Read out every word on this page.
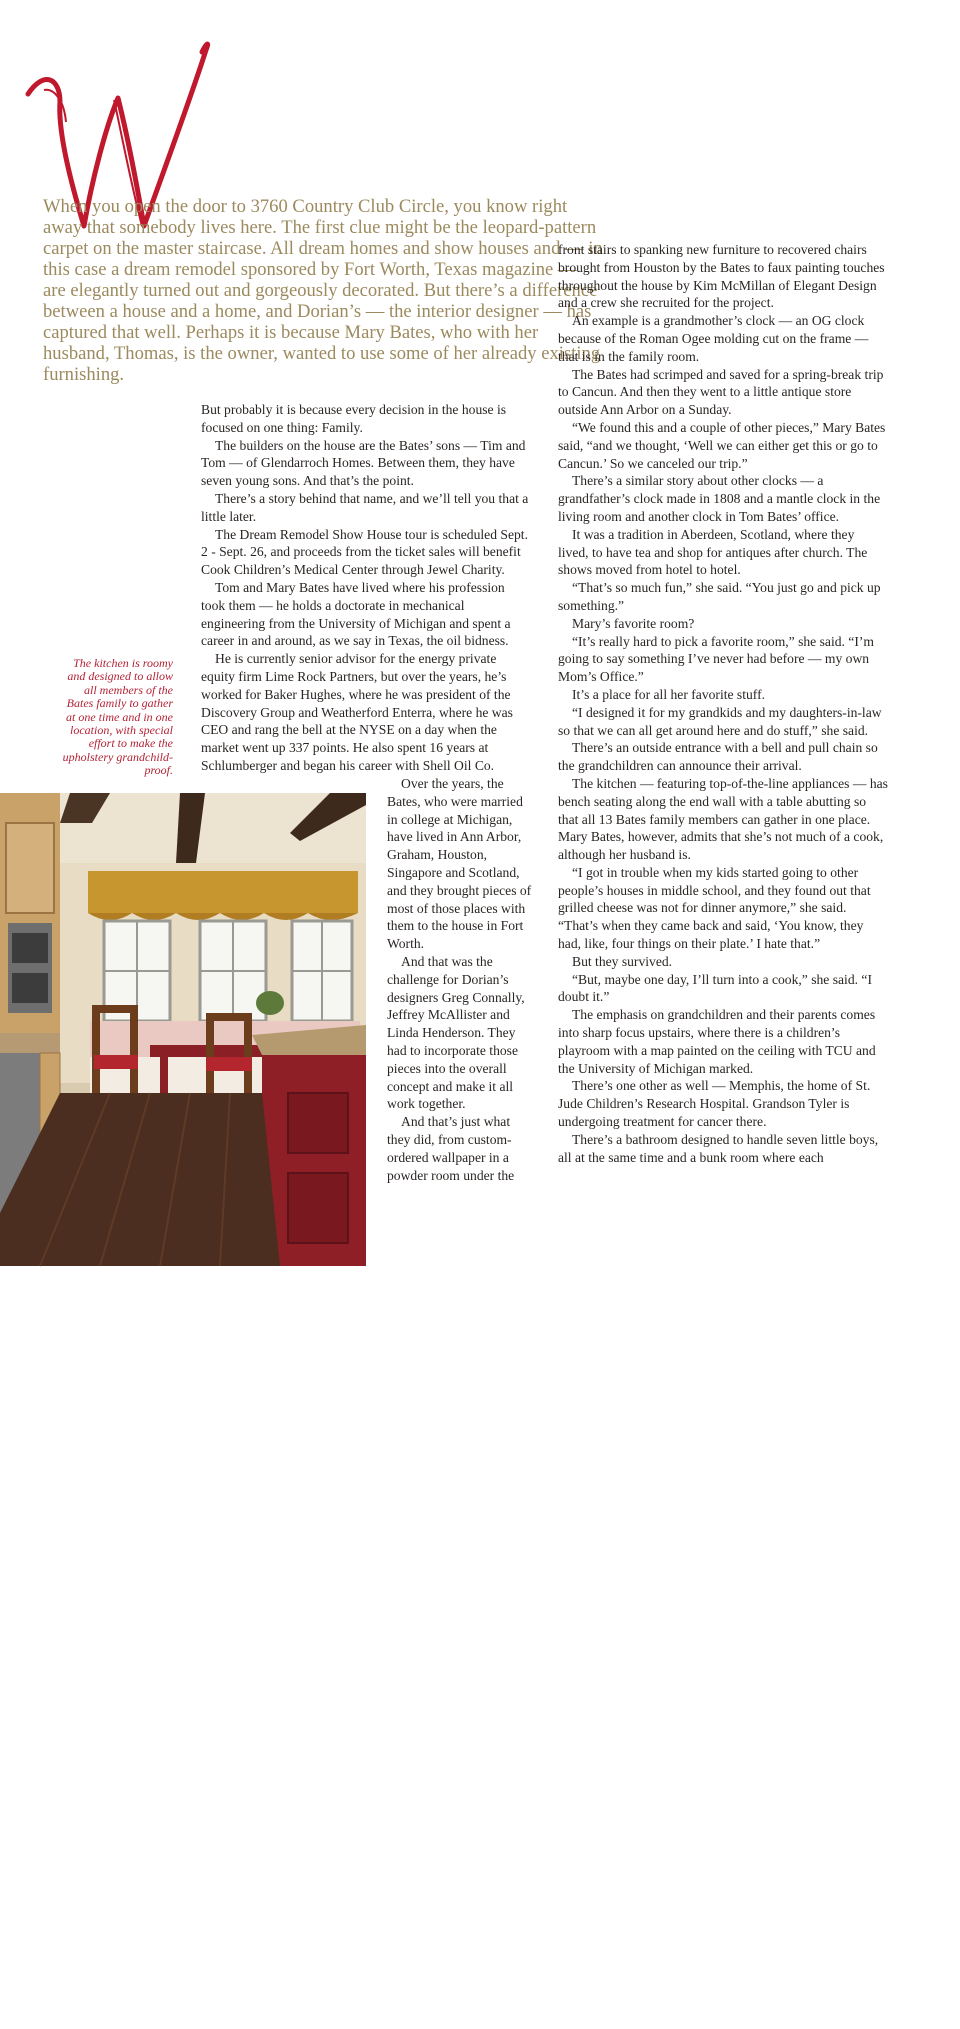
When you open the door to 3760 Country Club Circle, you know right away that somebody lives here. The first clue might be the leopard-pattern carpet on the master staircase. All dream homes and show houses and — in this case a dream remodel sponsored by Fort Worth, Texas magazine — are elegantly turned out and gorgeously decorated. But there’s a difference between a house and a home, and Dorian’s — the interior designer — has captured that well. Perhaps it is because Mary Bates, who with her husband, Thomas, is the owner, wanted to use some of her already existing furnishing.

But probably it is because every decision in the house is focused on one thing: Family.

The builders on the house are the Bates’ sons — Tim and Tom — of Glendarroch Homes. Between them, they have seven young sons. And that’s the point.

There’s a story behind that name, and we’ll tell you that a little later.

The Dream Remodel Show House tour is scheduled Sept. 2 - Sept. 26, and proceeds from the ticket sales will benefit Cook Children’s Medical Center through Jewel Charity.

Tom and Mary Bates have lived where his profession took them — he holds a doctorate in mechanical engineering from the University of Michigan and spent a career in and around, as we say in Texas, the oil bidness.

He is currently senior advisor for the energy private equity firm Lime Rock Partners, but over the years, he’s worked for Baker Hughes, where he was president of the Discovery Group and Weatherford Enterra, where he was CEO and rang the bell at the NYSE on a day when the market went up 337 points. He also spent 16 years at Schlumberger and began his career with Shell Oil Co.

The kitchen is roomy and designed to allow all members of the Bates family to gather at one time and in one location, with special effort to make the upholstery grandchild-proof.

Over the years, the Bates, who were married in college at Michigan, have lived in Ann Arbor, Graham, Houston, Singapore and Scotland, and they brought pieces of most of those places with them to the house in Fort Worth.

And that was the challenge for Dorian’s designers Greg Connally, Jeffrey McAllister and Linda Henderson. They had to incorporate those pieces into the overall concept and make it all work together.

And that’s just what they did, from custom-ordered wallpaper in a powder room under the

front stairs to spanking new furniture to recovered chairs brought from Houston by the Bates to faux painting touches throughout the house by Kim McMillan of Elegant Design and a crew she recruited for the project.

An example is a grandmother’s clock — an OG clock because of the Roman Ogee molding cut on the frame — that is in the family room.

The Bates had scrimped and saved for a spring-break trip to Cancun. And then they went to a little antique store outside Ann Arbor on a Sunday.

“We found this and a couple of other pieces,” Mary Bates said, “and we thought, ‘Well we can either get this or go to Cancun.’ So we canceled our trip.”

There’s a similar story about other clocks — a grandfather’s clock made in 1808 and a mantle clock in the living room and another clock in Tom Bates’ office.

It was a tradition in Aberdeen, Scotland, where they lived, to have tea and shop for antiques after church. The shows moved from hotel to hotel.

“That’s so much fun,” she said. “You just go and pick up something.”

Mary’s favorite room?

“It’s really hard to pick a favorite room,” she said. “I’m going to say something I’ve never had before — my own Mom’s Office.”

It’s a place for all her favorite stuff.

“I designed it for my grandkids and my daughters-in-law so that we can all get around here and do stuff,” she said.

There’s an outside entrance with a bell and pull chain so the grandchildren can announce their arrival.

The kitchen — featuring top-of-the-line appliances — has bench seating along the end wall with a table abutting so that all 13 Bates family members can gather in one place. Mary Bates, however, admits that she’s not much of a cook, although her husband is.

“I got in trouble when my kids started going to other people’s houses in middle school, and they found out that grilled cheese was not for dinner anymore,” she said. “That’s when they came back and said, ‘You know, they had, like, four things on their plate.’ I hate that.”

But they survived.

“But, maybe one day, I’ll turn into a cook,” she said. “I doubt it.”

The emphasis on grandchildren and their parents comes into sharp focus upstairs, where there is a children’s playroom with a map painted on the ceiling with TCU and the University of Michigan marked.

There’s one other as well — Memphis, the home of St. Jude Children’s Research Hospital. Grandson Tyler is undergoing treatment for cancer there.

There’s a bathroom designed to handle seven little boys, all at the same time and a bunk room where each

50 FWTX.COM
